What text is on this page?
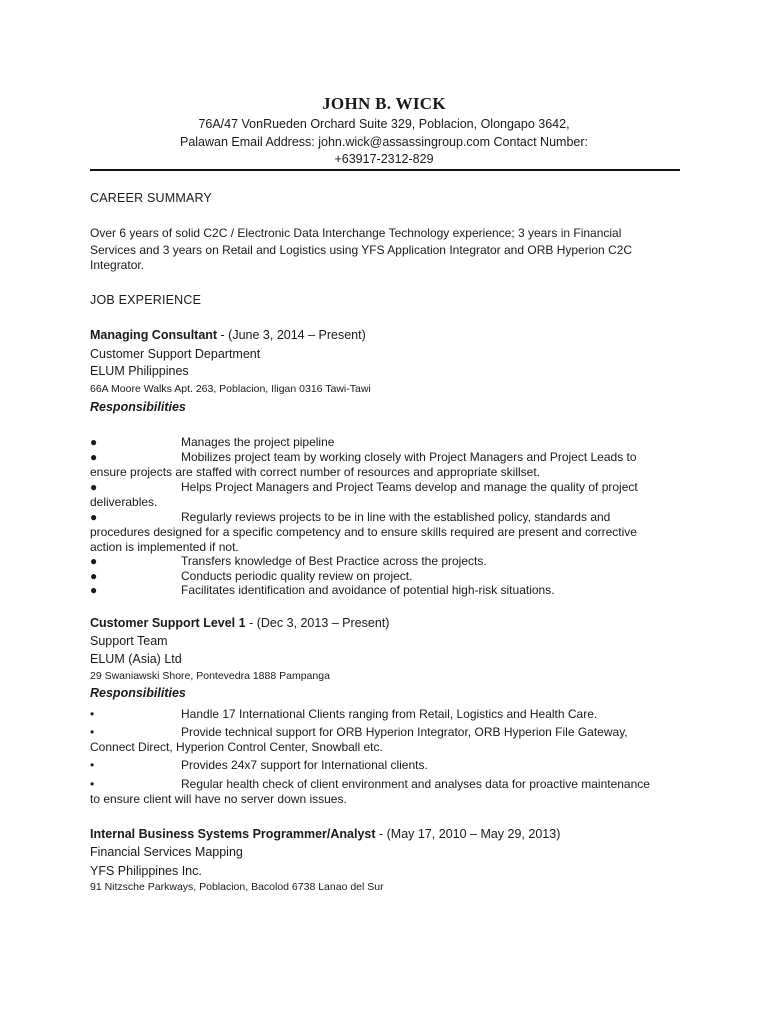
JOHN B. WICK
76A/47 VonRueden Orchard Suite 329, Poblacion, Olongapo 3642,
Palawan Email Address: john.wick@assassingroup.com Contact Number:
+63917-2312-829
CAREER SUMMARY
Over 6 years of solid C2C / Electronic Data Interchange Technology experience; 3 years in Financial
Services and 3 years on Retail and Logistics using YFS Application Integrator and ORB Hyperion C2C
Integrator.
JOB EXPERIENCE
Managing Consultant - (June 3, 2014 – Present)
Customer Support Department
ELUM Philippines
66A Moore Walks Apt. 263, Poblacion, Iligan 0316 Tawi-Tawi
Responsibilities
●	Manages the project pipeline
●	Mobilizes project team by working closely with Project Managers and Project Leads to
ensure projects are staffed with correct number of resources and appropriate skillset.
●	Helps Project Managers and Project Teams develop and manage the quality of project
deliverables.
●	Regularly reviews projects to be in line with the established policy, standards and
procedures designed for a specific competency and to ensure skills required are present and corrective
action is implemented if not.
●	Transfers knowledge of Best Practice across the projects.
●	Conducts periodic quality review on project.
●	Facilitates identification and avoidance of potential high-risk situations.
Customer Support Level 1 - (Dec 3, 2013 – Present)
Support Team
ELUM (Asia) Ltd
29 Swaniawski Shore, Pontevedra 1888 Pampanga
Responsibilities
•	Handle 17 International Clients ranging from Retail, Logistics and Health Care.
•	Provide technical support for ORB Hyperion Integrator, ORB Hyperion File Gateway,
Connect Direct, Hyperion Control Center, Snowball etc.
•	Provides 24x7 support for International clients.
•	Regular health check of client environment and analyses data for proactive maintenance
to ensure client will have no server down issues.
Internal Business Systems Programmer/Analyst - (May 17, 2010 – May 29, 2013)
Financial Services Mapping
YFS Philippines Inc.
91 Nitzsche Parkways, Poblacion, Bacolod 6738 Lanao del Sur
